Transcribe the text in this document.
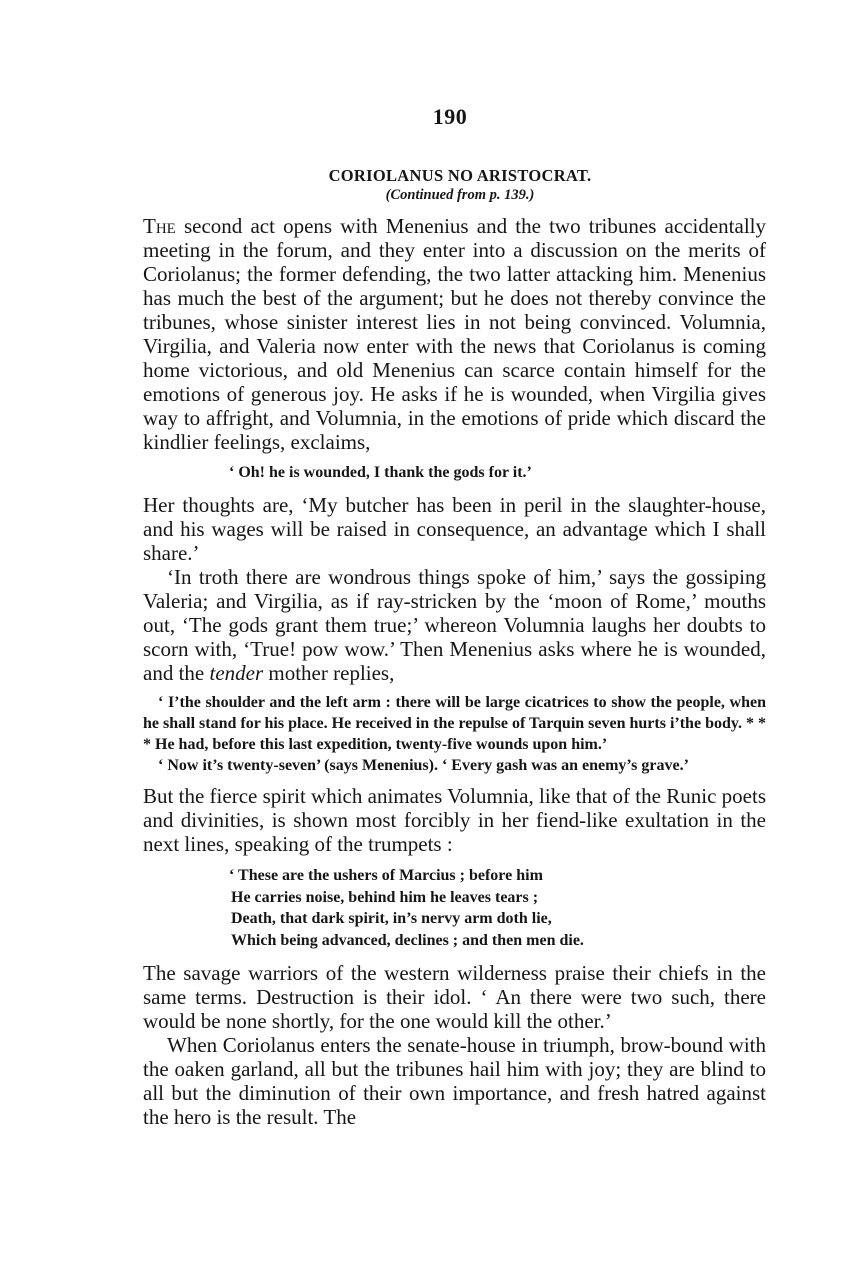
190
CORIOLANUS NO ARISTOCRAT.
(Continued from p. 139.)

The second act opens with Menenius and the two tribunes accidentally meeting in the forum, and they enter into a discussion on the merits of Coriolanus; the former defending, the two latter attacking him. Menenius has much the best of the argument; but he does not thereby convince the tribunes, whose sinister interest lies in not being convinced. Volumnia, Virgilia, and Valeria now enter with the news that Coriolanus is coming home victorious, and old Menenius can scarce contain himself for the emotions of generous joy. He asks if he is wounded, when Virgilia gives way to affright, and Volumnia, in the emotions of pride which discard the kindlier feelings, exclaims,

‘ Oh! he is wounded, I thank the gods for it.’

Her thoughts are, ‘My butcher has been in peril in the slaughter-house, and his wages will be raised in consequence, an advantage which I shall share.’

‘In troth there are wondrous things spoke of him,’ says the gossiping Valeria; and Virgilia, as if ray-stricken by the ‘moon of Rome,’ mouths out, ‘The gods grant them true;’ whereon Volumnia laughs her doubts to scorn with, ‘True! pow wow.’ Then Menenius asks where he is wounded, and the tender mother replies,

‘ I’the shoulder and the left arm : there will be large cicatrices to show the people, when he shall stand for his place. He received in the repulse of Tarquin seven hurts i’the body. * * * He had, before this last expedition, twenty-five wounds upon him.’
‘ Now it’s twenty-seven’ (says Menenius). ‘ Every gash was an enemy’s grave.’

But the fierce spirit which animates Volumnia, like that of the Runic poets and divinities, is shown most forcibly in her fiend-like exultation in the next lines, speaking of the trumpets :

‘ These are the ushers of Marcius ; before him
He carries noise, behind him he leaves tears ;
Death, that dark spirit, in’s nervy arm doth lie,
Which being advanced, declines ; and then men die.

The savage warriors of the western wilderness praise their chiefs in the same terms. Destruction is their idol. ‘ An there were two such, there would be none shortly, for the one would kill the other.’

When Coriolanus enters the senate-house in triumph, brow-bound with the oaken garland, all but the tribunes hail him with joy; they are blind to all but the diminution of their own importance, and fresh hatred against the hero is the result. The
